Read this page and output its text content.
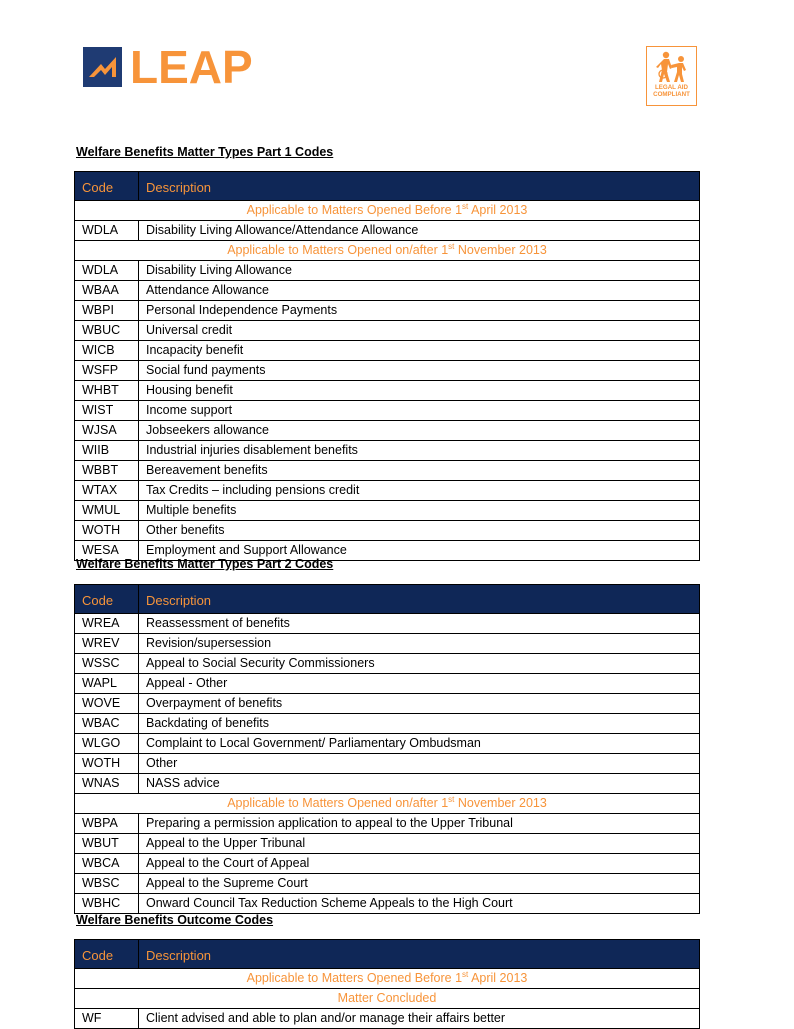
LEAP	LEGAL AID
COMPLIANT
Welfare Benefits Matter Types Part 1 Codes
Code	Description
Applicable to Matters Opened Before 1st April 2013	
WDLA	Disability Living Allowance/Attendance Allowance
Applicable to Matters Opened on/after 1st November 2013	
WDLA	Disability Living Allowance
WBAA	Attendance Allowance
WBPI	Personal Independence Payments
WBUC	Universal credit
WICB	Incapacity benefit
WSFP	Social fund payments
WHBT	Housing benefit
WIST	Income support
WJSA	Jobseekers allowance
WIIB	Industrial injuries disablement benefits
WBBT	Bereavement benefits
WTAX	Tax Credits – including pensions credit
WMUL	Multiple benefits
WOTH	Other benefits
WESA	Employment and Support Allowance
Welfare Benefits Matter Types Part 2 Codes
Code	Description
WREA	Reassessment of benefits
WREV	Revision/supersession
WSSC	Appeal to Social Security Commissioners
WAPL	Appeal - Other
WOVE	Overpayment of benefits
WBAC	Backdating of benefits
WLGO	Complaint to Local Government/ Parliamentary Ombudsman
WOTH	Other
WNAS	NASS advice
Applicable to Matters Opened on/after 1st November 2013	
WBPA	Preparing a permission application to appeal to the Upper Tribunal
WBUT	Appeal to the Upper Tribunal
WBCA	Appeal to the Court of Appeal
WBSC	Appeal to the Supreme Court
WBHC	Onward Council Tax Reduction Scheme Appeals to the High Court
Welfare Benefits Outcome Codes
Code	Description
Applicable to Matters Opened Before 1st April 2013	
Matter Concluded	
WF	Client advised and able to plan and/or manage their affairs better
